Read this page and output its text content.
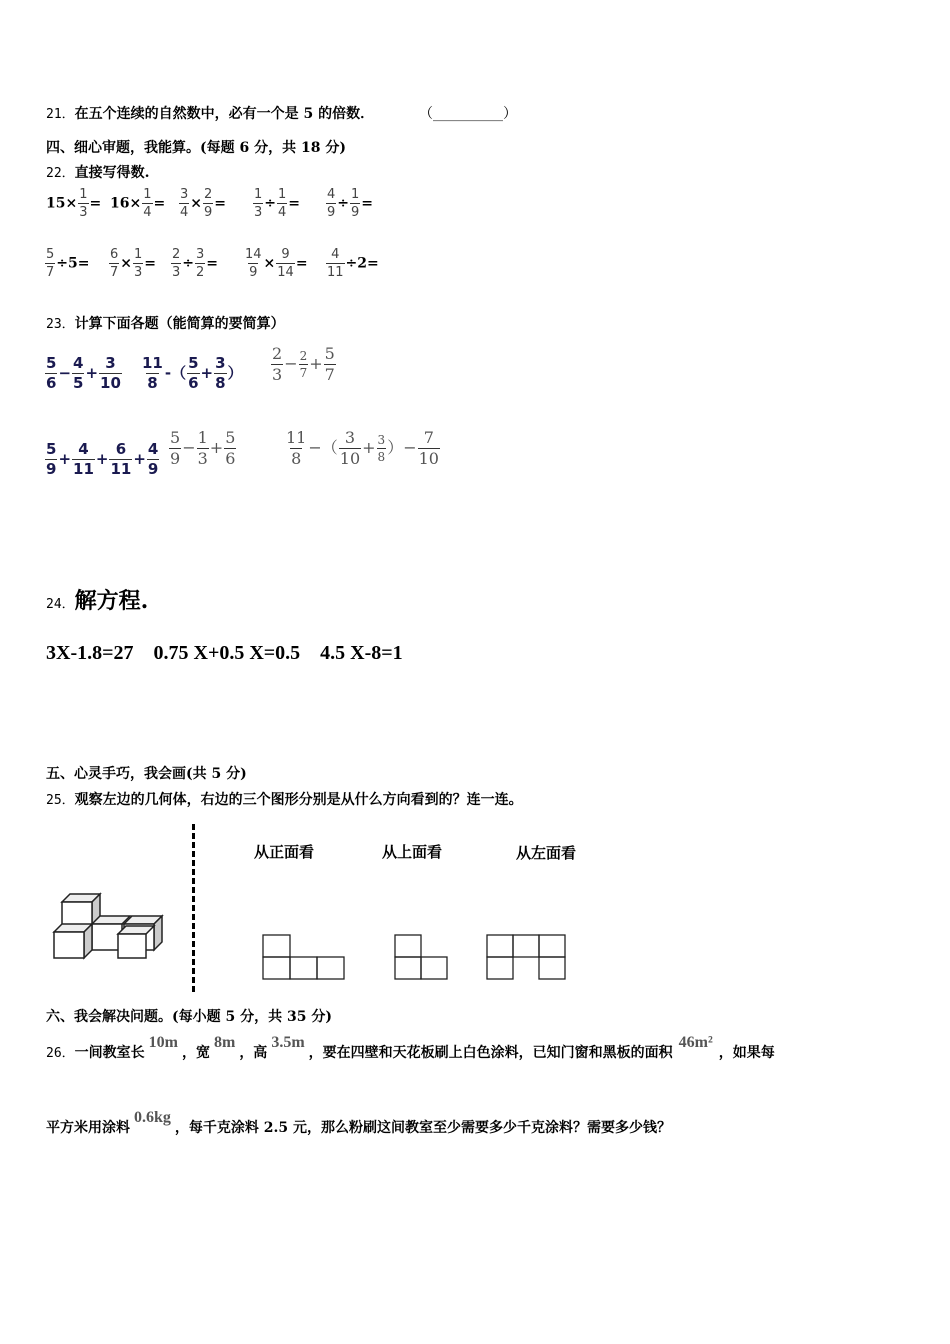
21．在五个连续的自然数中，必有一个是 5 的倍数．	（__________）
四、细心审题，我能算。(每题 6 分，共 18 分)
22．直接写得数.
$15\times \frac{1}{3} = 16\times \frac{1}{4} = \frac{3}{4} \times \frac{2}{9} = \frac{1}{3} \div \frac{1}{4} = \frac{4}{9} \div \frac{1}{9}$ =
$\frac{5}{7} \div 5= \frac{6}{7} \times \frac{1}{3} = \frac{2}{3} \div \frac{3}{2} = \frac{14}{9} \times \frac{9}{14} = \frac{4}{11} \div 2=$
23．计算下面各题（能简算的要简算）
$\frac{5}{6} - \frac{4}{5} + \frac{3}{10} \frac{11}{8}$ -（ $\frac{5}{6} + \frac{3}{8}$ ） $\frac{2}{3} - \frac{2}{7} + \frac{5}{7}$
$\frac{5}{9} + \frac{4}{11} + \frac{6}{11} + \frac{4}{9} \frac{5}{9} - \frac{1}{3} + \frac{5}{6}$	$\frac{11}{8}$ −（ $\frac{3}{10} + \frac{3}{8}$ ）− $\frac{7}{10}$
24．解方程.
3X-1.8=27　0.75 X+0.5 X=0.5　4.5 X-8=1
五、心灵手巧，我会画(共 5 分)
25．观察左边的几何体，右边的三个图形分别是从什么方向看到的？连一连。
从正面看	从上面看	从左面看
六、我会解决问题。(每小题 5 分，共 35 分)
26．一间教室长10m，宽8m，高3.5m，要在四壁和天花板刷上白色涂料，已知门窗和黑板的面积46m²，如果每
平方米用涂料0.6kg，每千克涂料 2.5 元，那么粉刷这间教室至少需要多少千克涂料？需要多少钱？
